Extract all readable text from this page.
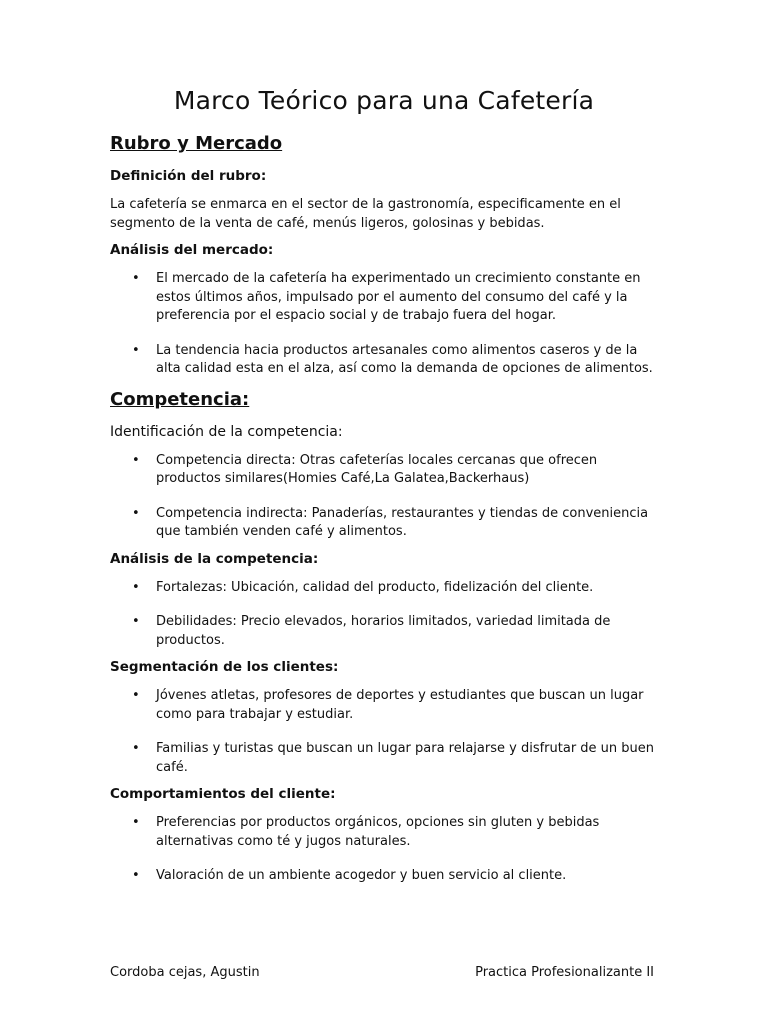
Marco Teórico para una Cafetería
Rubro y Mercado
Definición del rubro:

La cafetería se enmarca en el sector de la gastronomía, especificamente en el segmento de la venta de café, menús ligeros, golosinas y bebidas.

Análisis del mercado:
• El mercado de la cafetería ha experimentado un crecimiento constante en estos últimos años, impulsado por el aumento del consumo del café y la preferencia por el espacio social y de trabajo fuera del hogar.
• La tendencia hacia productos artesanales como alimentos caseros y de la alta calidad esta en el alza, así como la demanda de opciones de alimentos.
Competencia:
Identificación de la competencia:
• Competencia directa: Otras cafeterías locales cercanas que ofrecen productos similares(Homies Café,La Galatea,Backerhaus)
• Competencia indirecta: Panaderías, restaurantes y tiendas de conveniencia que también venden café y alimentos.
Análisis de la competencia:
• Fortalezas: Ubicación, calidad del producto, fidelización del cliente.
• Debilidades: Precio elevados, horarios limitados, variedad limitada de productos.
Segmentación de los clientes:
• Jóvenes atletas, profesores de deportes y estudiantes que buscan un lugar como para trabajar y estudiar.
• Familias y turistas que buscan un lugar para relajarse y disfrutar de un buen café.
Comportamientos del cliente:
• Preferencias por productos orgánicos, opciones sin gluten y bebidas alternativas como té y jugos naturales.
• Valoración de un ambiente acogedor y buen servicio al cliente.
Cordoba cejas, Agustin	Practica Profesionalizante II
